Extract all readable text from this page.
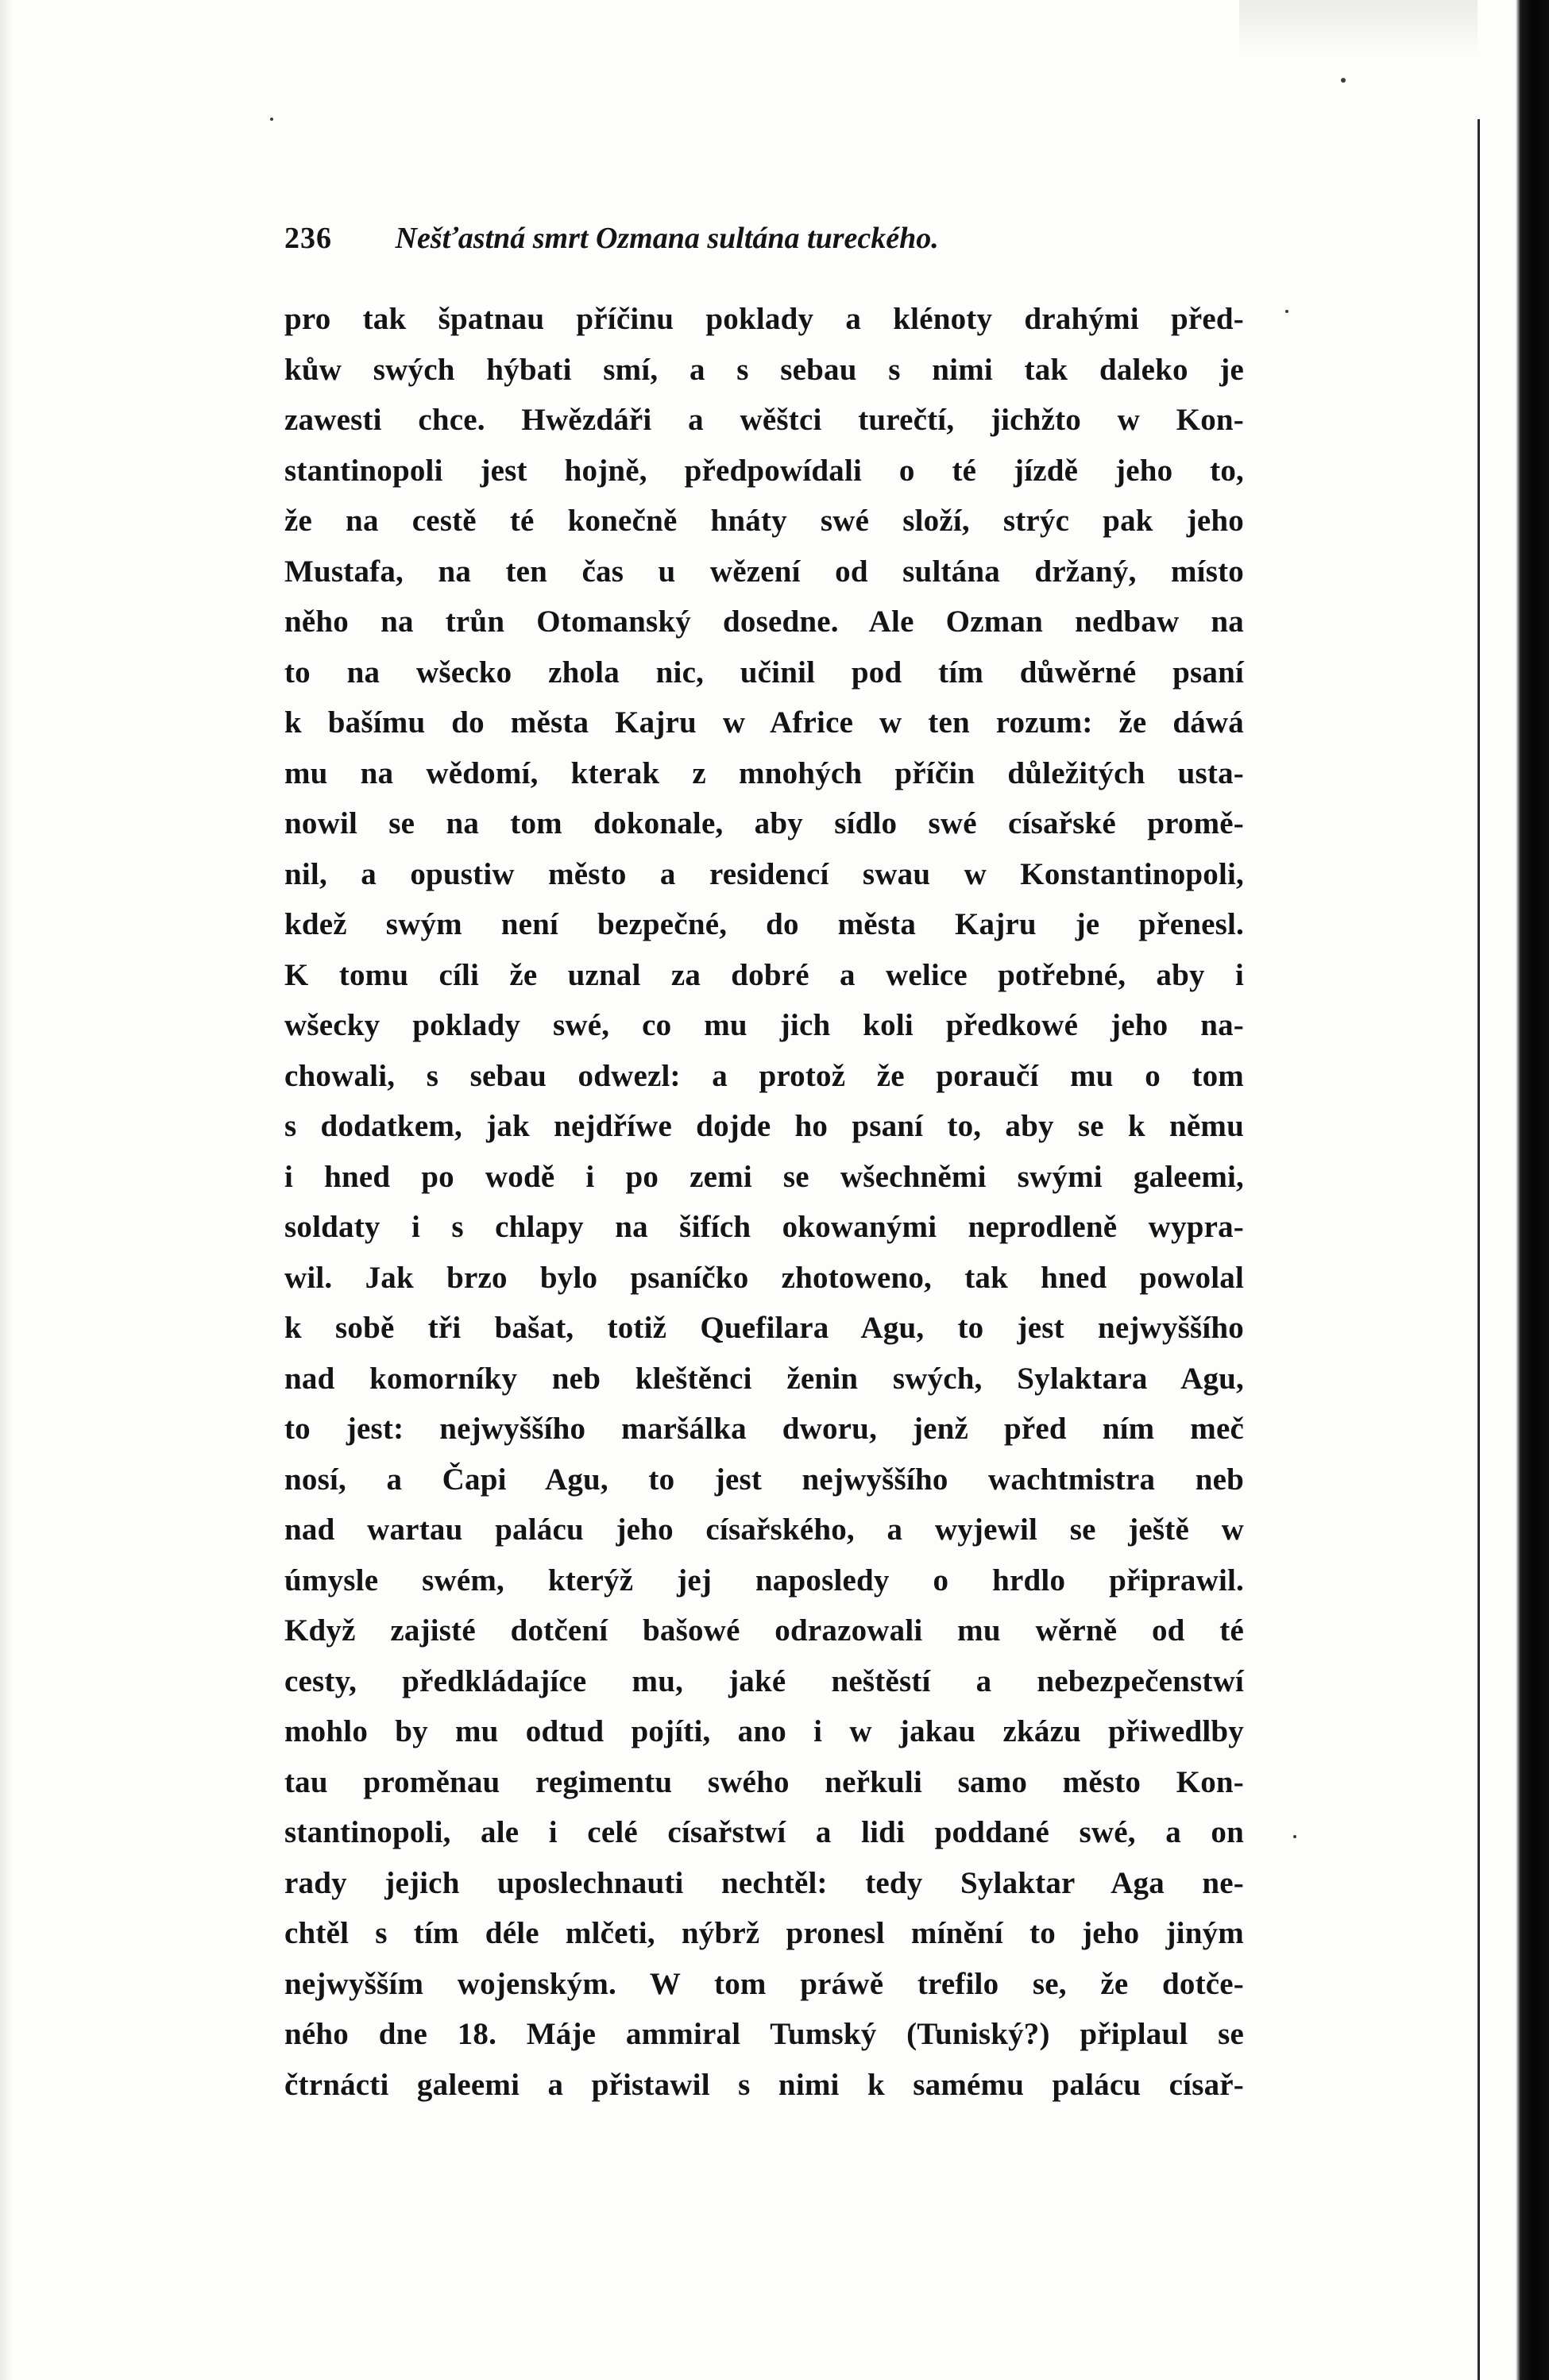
236 Nešťastná smrt Ozmana sultána tureckého.
pro tak špatnau příčinu poklady a klénoty drahými před-
kůw swých hýbati smí, a s sebau s nimi tak daleko je
zawesti chce. Hwězdáři a wěštci turečtí, jichžto w Kon-
stantinopoli jest hojně, předpowídali o té jízdě jeho to,
že na cestě té konečně hnáty swé složí, strýc pak jeho
Mustafa, na ten čas u wězení od sultána držaný, místo
něho na trůn Otomanský dosedne. Ale Ozman nedbaw na
to na wšecko zhola nic, učinil pod tím důwěrné psaní
k bašímu do města Kajru w Africe w ten rozum: že dáwá
mu na wědomí, kterak z mnohých příčin důležitých usta-
nowil se na tom dokonale, aby sídlo swé císařské promě-
nil, a opustiw město a residencí swau w Konstantinopoli,
kdež swým není bezpečné, do města Kajru je přenesl.
K tomu cíli že uznal za dobré a welice potřebné, aby i
wšecky poklady swé, co mu jich koli předkowé jeho na-
chowali, s sebau odwezl: a protož že poraučí mu o tom
s dodatkem, jak nejdříwe dojde ho psaní to, aby se k němu
i hned po wodě i po zemi se wšechněmi swými galeemi,
soldaty i s chlapy na šifích okowanými neprodleně wypra-
wil. Jak brzo bylo psaníčko zhotoweno, tak hned powolal
k sobě tři bašat, totiž Quefilara Agu, to jest nejwyššího
nad komorníky neb kleštěnci ženin swých, Sylaktara Agu,
to jest: nejwyššího maršálka dworu, jenž před ním meč
nosí, a Čapi Agu, to jest nejwyššího wachtmistra neb
nad wartau palácu jeho císařského, a wyjewil se ještě w
úmysle swém, kterýž jej naposledy o hrdlo připrawil.
Když zajisté dotčení bašowé odrazowali mu wěrně od té
cesty, předkládajíce mu, jaké neštěstí a nebezpečenstwí
mohlo by mu odtud pojíti, ano i w jakau zkázu přiwedlby
tau proměnau regimentu swého neřkuli samo město Kon-
stantinopoli, ale i celé císařstwí a lidi poddané swé, a on
rady jejich uposlechnauti nechtěl: tedy Sylaktar Aga ne-
chtěl s tím déle mlčeti, nýbrž pronesl mínění to jeho jiným
nejwyšším wojenským. W tom práwě trefilo se, že dotče-
ného dne 18. Máje ammiral Tumský (Tuniský?) připlaul se
čtrnácti galeemi a přistawil s nimi k samému palácu císař-
